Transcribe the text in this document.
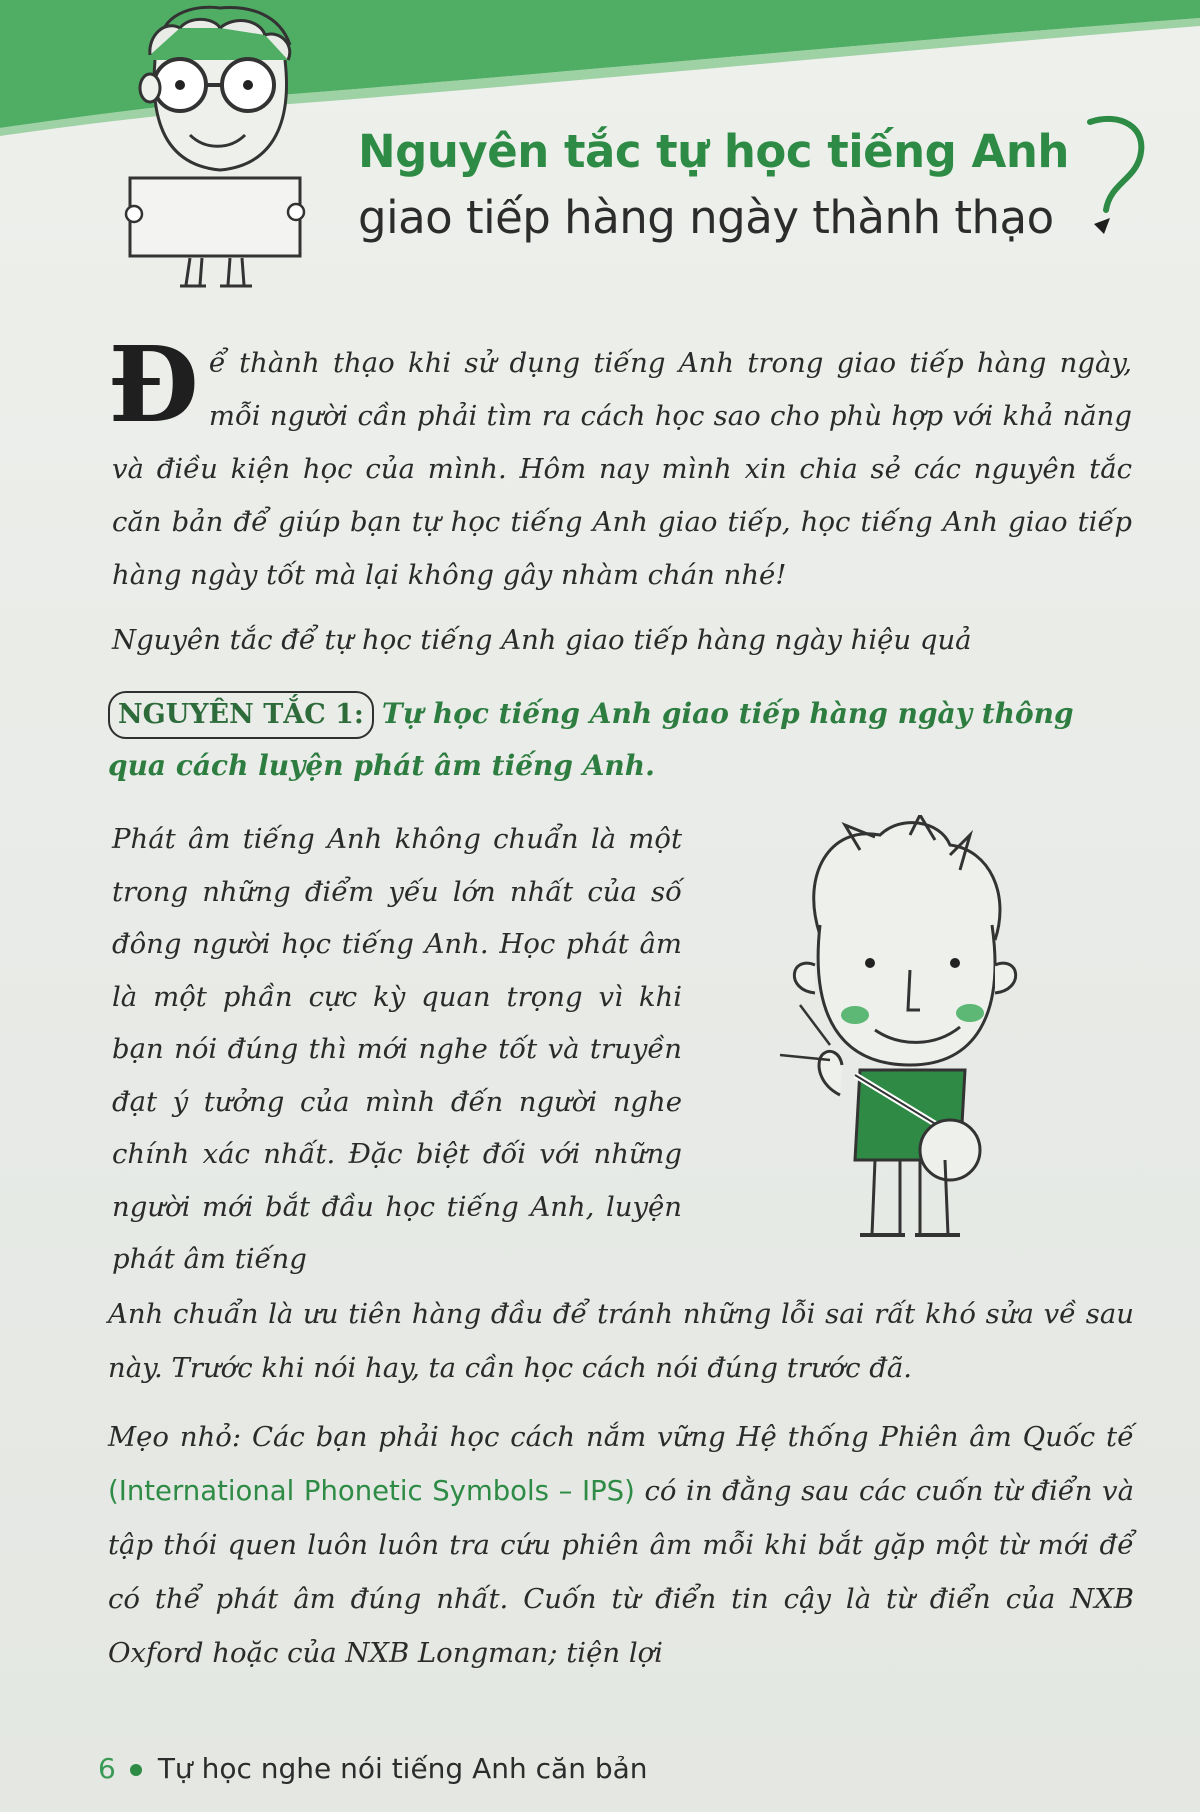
Nguyên tắc tự học tiếng Anh
giao tiếp hàng ngày thành thạo
Để thành thạo khi sử dụng tiếng Anh trong giao tiếp hàng ngày, mỗi người cần phải tìm ra cách học sao cho phù hợp với khả năng và điều kiện học của mình. Hôm nay mình xin chia sẻ các nguyên tắc căn bản để giúp bạn tự học tiếng Anh giao tiếp, học tiếng Anh giao tiếp hàng ngày tốt mà lại không gây nhàm chán nhé!
Nguyên tắc để tự học tiếng Anh giao tiếp hàng ngày hiệu quả
NGUYÊN TẮC 1: Tự học tiếng Anh giao tiếp hàng ngày thông qua cách luyện phát âm tiếng Anh.
Phát âm tiếng Anh không chuẩn là một trong những điểm yếu lớn nhất của số đông người học tiếng Anh. Học phát âm là một phần cực kỳ quan trọng vì khi bạn nói đúng thì mới nghe tốt và truyền đạt ý tưởng của mình đến người nghe chính xác nhất. Đặc biệt đối với những người mới bắt đầu học tiếng Anh, luyện phát âm tiếng
Anh chuẩn là ưu tiên hàng đầu để tránh những lỗi sai rất khó sửa về sau này. Trước khi nói hay, ta cần học cách nói đúng trước đã.
Mẹo nhỏ: Các bạn phải học cách nắm vững Hệ thống Phiên âm Quốc tế (International Phonetic Symbols – IPS) có in đằng sau các cuốn từ điển và tập thói quen luôn luôn tra cứu phiên âm mỗi khi bắt gặp một từ mới để có thể phát âm đúng nhất. Cuốn từ điển tin cậy là từ điển của NXB Oxford hoặc của NXB Longman; tiện lợi
6 Tự học nghe nói tiếng Anh căn bản
